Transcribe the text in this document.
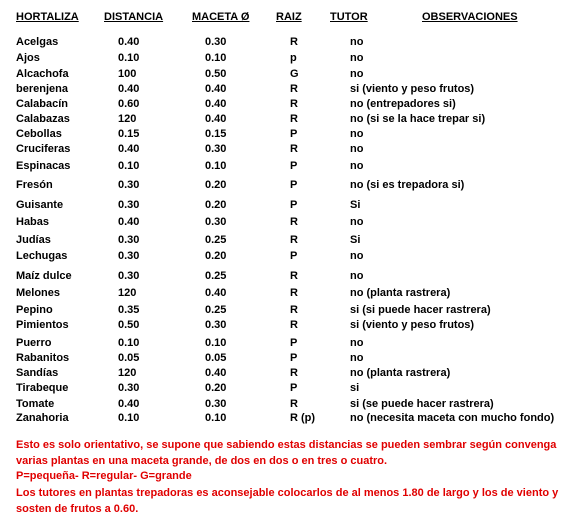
HORTALIZA DISTANCIA	MACETA Ø RAIZ	TUTOR	OBSERVACIONES
Acelgas	0.40	0.30	R	no
Ajos	0.10	0.10	p	no
Alcachofa	100	0.50	G	no
berenjena	0.40	0.40	R	si (viento y peso frutos)
Calabacín	0.60	0.40	R	no (entrepadores si)
Calabazas	120	0.40	R	no (si se la hace trepar si)
Cebollas	0.15	0.15	P	no
Cruciferas	0.40	0.30	R	no
Espinacas	0.10	0.10	P	no
Fresón	0.30	0.20	P	no (si es trepadora si)
Guisante	0.30	0.20	P	Si
Habas	0.40	0.30	R	no
Judías	0.30	0.25	R	Si
Lechugas	0.30	0.20	P	no
Maíz dulce	0.30	0.25	R	no
Melones	120	0.40	R	no (planta rastrera)
Pepino	0.35	0.25	R	si (si puede hacer rastrera)
Pimientos	0.50	0.30	R	si (viento y peso frutos)
Puerro	0.10	0.10	P	no
Rabanitos	0.05	0.05	P	no
Sandías	120	0.40	R	no (planta rastrera)
Tirabeque	0.30	0.20	P	si
Tomate	0.40	0.30	R	si (se puede hacer rastrera)
Zanahoria	0.10	0.10	R (p)	no (necesita maceta con mucho fondo)
Esto es solo orientativo, se supone que sabiendo estas distancias se pueden sembrar según convenga varias plantas en una maceta grande, de dos en dos o en tres o cuatro.
P=pequeña- R=regular- G=grande
Los tutores en plantas trepadoras es aconsejable colocarlos de al menos 1.80 de largo y los de viento y sosten de frutos a 0.60.
